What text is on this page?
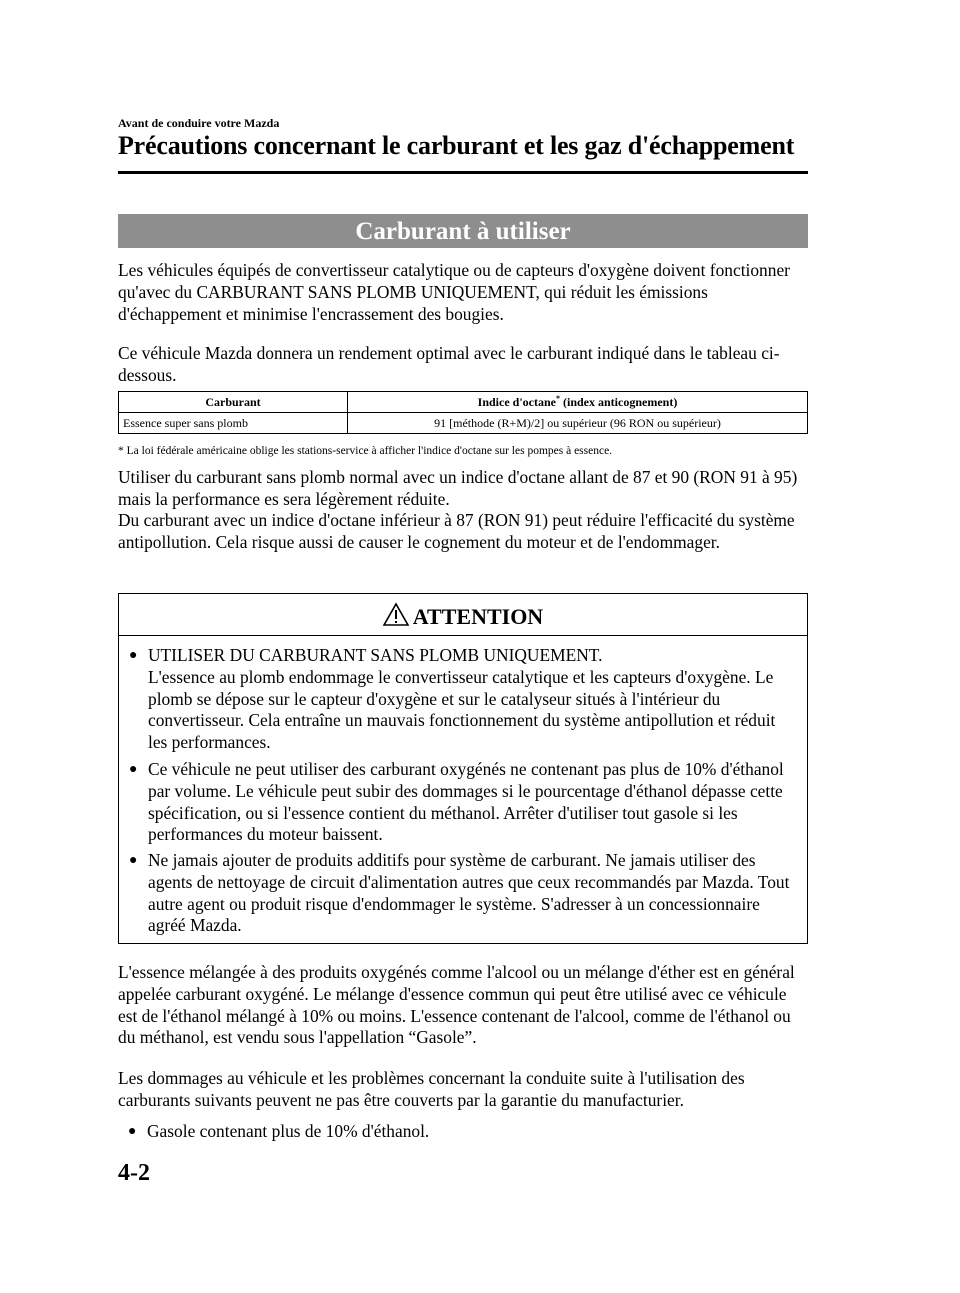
Avant de conduire votre Mazda
Précautions concernant le carburant et les gaz d'échappement
Carburant à utiliser

Les véhicules équipés de convertisseur catalytique ou de capteurs d'oxygène doivent fonctionner qu'avec du CARBURANT SANS PLOMB UNIQUEMENT, qui réduit les émissions d'échappement et minimise l'encrassement des bougies.

Ce véhicule Mazda donnera un rendement optimal avec le carburant indiqué dans le tableau ci-dessous.

Carburant	Indice d'octane* (index anticognement)
Essence super sans plomb	91 [méthode (R+M)/2] ou supérieur (96 RON ou supérieur)
* La loi fédérale américaine oblige les stations-service à afficher l'indice d'octane sur les pompes à essence.

Utiliser du carburant sans plomb normal avec un indice d'octane allant de 87 et 90 (RON 91 à 95) mais la performance es sera légèrement réduite.

Du carburant avec un indice d'octane inférieur à 87 (RON 91) peut réduire l'efficacité du système antipollution. Cela risque aussi de causer le cognement du moteur et de l'endommager.

ATTENTION
● UTILISER DU CARBURANT SANS PLOMB UNIQUEMENT.
L'essence au plomb endommage le convertisseur catalytique et les capteurs d'oxygène. Le plomb se dépose sur le capteur d'oxygène et sur le catalyseur situés à l'intérieur du convertisseur. Cela entraîne un mauvais fonctionnement du système antipollution et réduit les performances.
● Ce véhicule ne peut utiliser des carburant oxygénés ne contenant pas plus de 10% d'éthanol par volume. Le véhicule peut subir des dommages si le pourcentage d'éthanol dépasse cette spécification, ou si l'essence contient du méthanol. Arrêter d'utiliser tout gasole si les performances du moteur baissent.
● Ne jamais ajouter de produits additifs pour système de carburant. Ne jamais utiliser des agents de nettoyage de circuit d'alimentation autres que ceux recommandés par Mazda. Tout autre agent ou produit risque d'endommager le système. S'adresser à un concessionnaire agréé Mazda.

L'essence mélangée à des produits oxygénés comme l'alcool ou un mélange d'éther est en général appelée carburant oxygéné. Le mélange d'essence commun qui peut être utilisé avec ce véhicule est de l'éthanol mélangé à 10% ou moins. L'essence contenant de l'alcool, comme de l'éthanol ou du méthanol, est vendu sous l'appellation “Gasole”.

Les dommages au véhicule et les problèmes concernant la conduite suite à l'utilisation des carburants suivants peuvent ne pas être couverts par la garantie du manufacturier.

● Gasole contenant plus de 10% d'éthanol.
4-2
